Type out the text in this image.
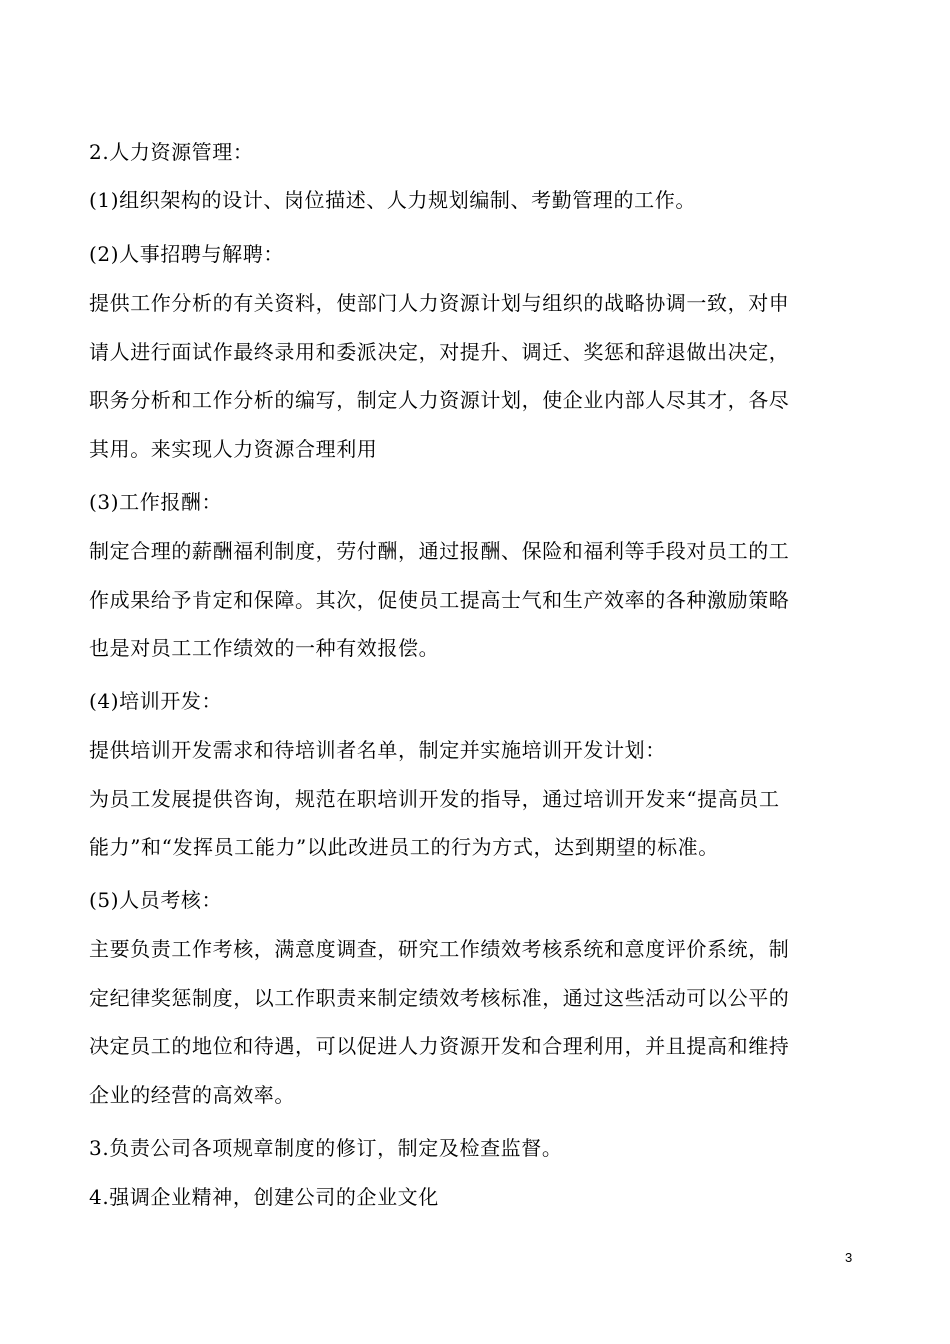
2.人力资源管理：
(1)组织架构的设计、岗位描述、人力规划编制、考勤管理的工作。
(2)人事招聘与解聘：
提供工作分析的有关资料，使部门人力资源计划与组织的战略协调一致，对申
请人进行面试作最终录用和委派决定，对提升、调迁、奖惩和辞退做出决定，
职务分析和工作分析的编写，制定人力资源计划，使企业内部人尽其才，各尽
其用。来实现人力资源合理利用
(3)工作报酬：
制定合理的薪酬福利制度，劳付酬，通过报酬、保险和福利等手段对员工的工
作成果给予肯定和保障。其次，促使员工提高士气和生产效率的各种激励策略
也是对员工工作绩效的一种有效报偿。
(4)培训开发：
提供培训开发需求和待培训者名单，制定并实施培训开发计划：
为员工发展提供咨询，规范在职培训开发的指导，通过培训开发来“提高员工
能力”和“发挥员工能力”以此改进员工的行为方式，达到期望的标准。
(5)人员考核：
主要负责工作考核，满意度调查，研究工作绩效考核系统和意度评价系统，制
定纪律奖惩制度，以工作职责来制定绩效考核标准，通过这些活动可以公平的
决定员工的地位和待遇，可以促进人力资源开发和合理利用，并且提高和维持
企业的经营的高效率。
3.负责公司各项规章制度的修订，制定及检查监督。
4.强调企业精神，创建公司的企业文化
3
